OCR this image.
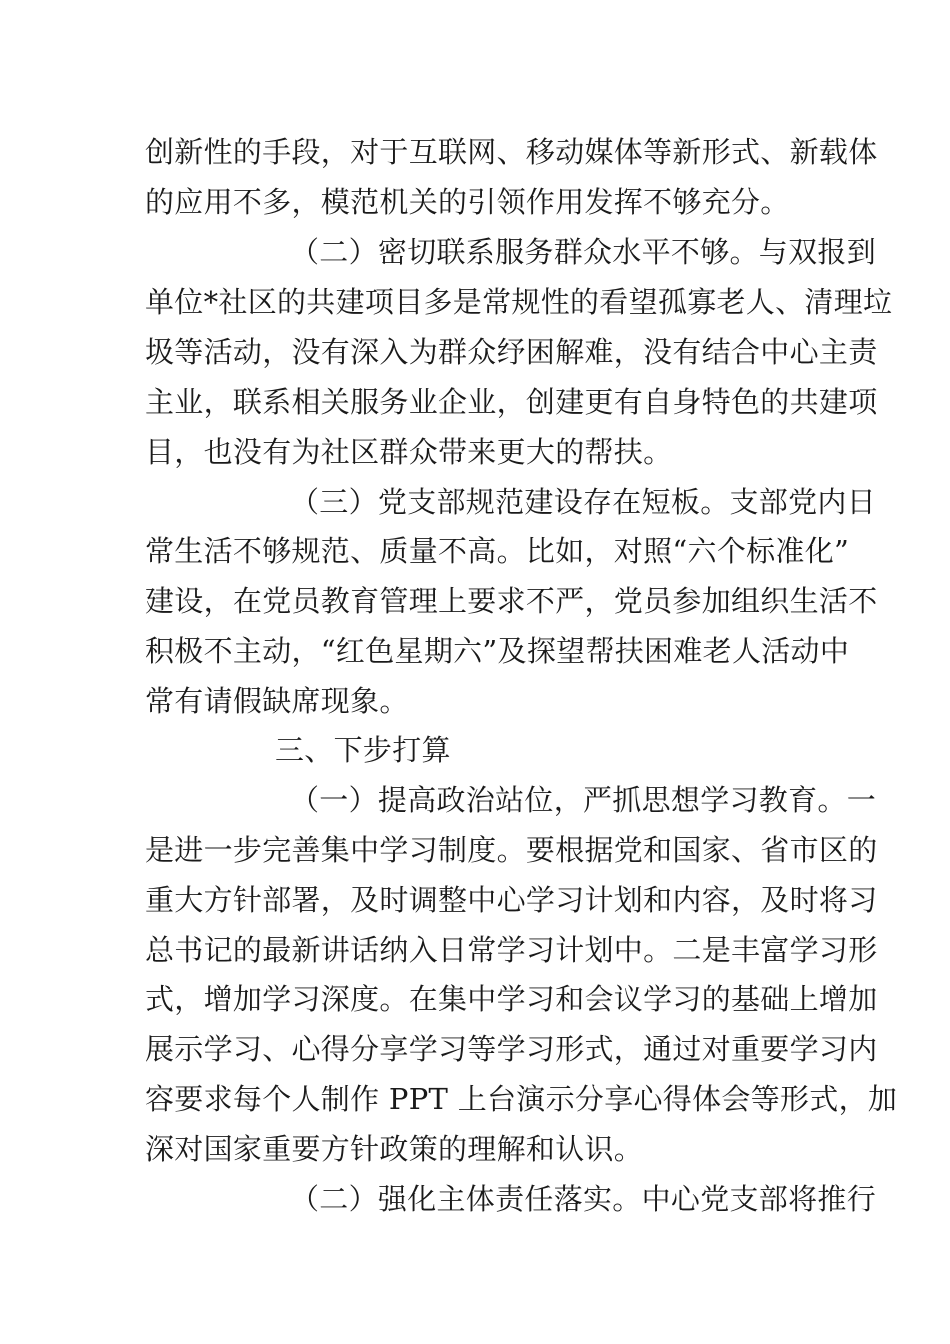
创新性的手段，对于互联网、移动媒体等新形式、新载体
的应用不多，模范机关的引领作用发挥不够充分。
（二）密切联系服务群众水平不够。与双报到
单位*社区的共建项目多是常规性的看望孤寡老人、清理垃
圾等活动，没有深入为群众纾困解难，没有结合中心主责
主业，联系相关服务业企业，创建更有自身特色的共建项
目，也没有为社区群众带来更大的帮扶。
（三）党支部规范建设存在短板。支部党内日
常生活不够规范、质量不高。比如，对照“六个标准化”
建设，在党员教育管理上要求不严，党员参加组织生活不
积极不主动，“红色星期六”及探望帮扶困难老人活动中
常有请假缺席现象。
三、下步打算
（一）提高政治站位，严抓思想学习教育。一
是进一步完善集中学习制度。要根据党和国家、省市区的
重大方针部署，及时调整中心学习计划和内容，及时将习
总书记的最新讲话纳入日常学习计划中。二是丰富学习形
式，增加学习深度。在集中学习和会议学习的基础上增加
展示学习、心得分享学习等学习形式，通过对重要学习内
容要求每个人制作 PPT 上台演示分享心得体会等形式，加
深对国家重要方针政策的理解和认识。
（二）强化主体责任落实。中心党支部将推行
